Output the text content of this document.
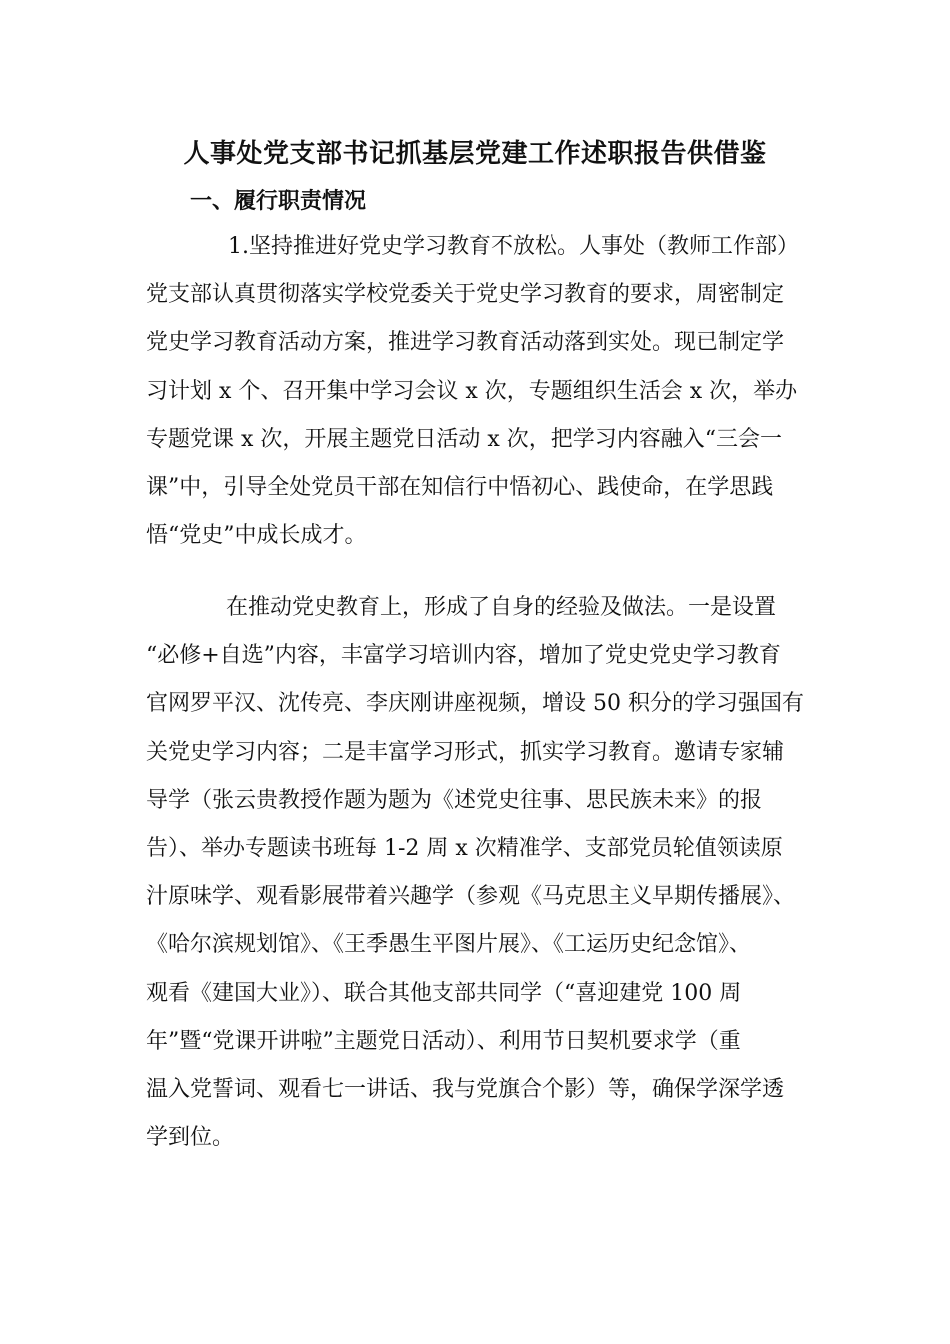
人事处党支部书记抓基层党建工作述职报告供借鉴
一、履行职责情况
1.坚持推进好党史学习教育不放松。人事处（教师工作部）
党支部认真贯彻落实学校党委关于党史学习教育的要求，周密制定
党史学习教育活动方案，推进学习教育活动落到实处。现已制定学
习计划 x 个、召开集中学习会议 x 次，专题组织生活会 x 次，举办
专题党课 x 次，开展主题党日活动 x 次，把学习内容融入“三会一
课”中，引导全处党员干部在知信行中悟初心、践使命，在学思践
悟“党史”中成长成才。
在推动党史教育上，形成了自身的经验及做法。一是设置
“必修+自选”内容，丰富学习培训内容，增加了党史党史学习教育
官网罗平汉、沈传亮、李庆刚讲座视频，增设 50 积分的学习强国有
关党史学习内容；二是丰富学习形式，抓实学习教育。邀请专家辅
导学（张云贵教授作题为题为《述党史往事、思民族未来》的报
告）、举办专题读书班每 1-2 周 x 次精准学、支部党员轮值领读原
汁原味学、观看影展带着兴趣学（参观《马克思主义早期传播展》、
《哈尔滨规划馆》、《王季愚生平图片展》、《工运历史纪念馆》、
观看《建国大业》）、联合其他支部共同学（“喜迎建党 100 周
年”暨“党课开讲啦”主题党日活动）、利用节日契机要求学（重
温入党誓词、观看七一讲话、我与党旗合个影）等，确保学深学透
学到位。
